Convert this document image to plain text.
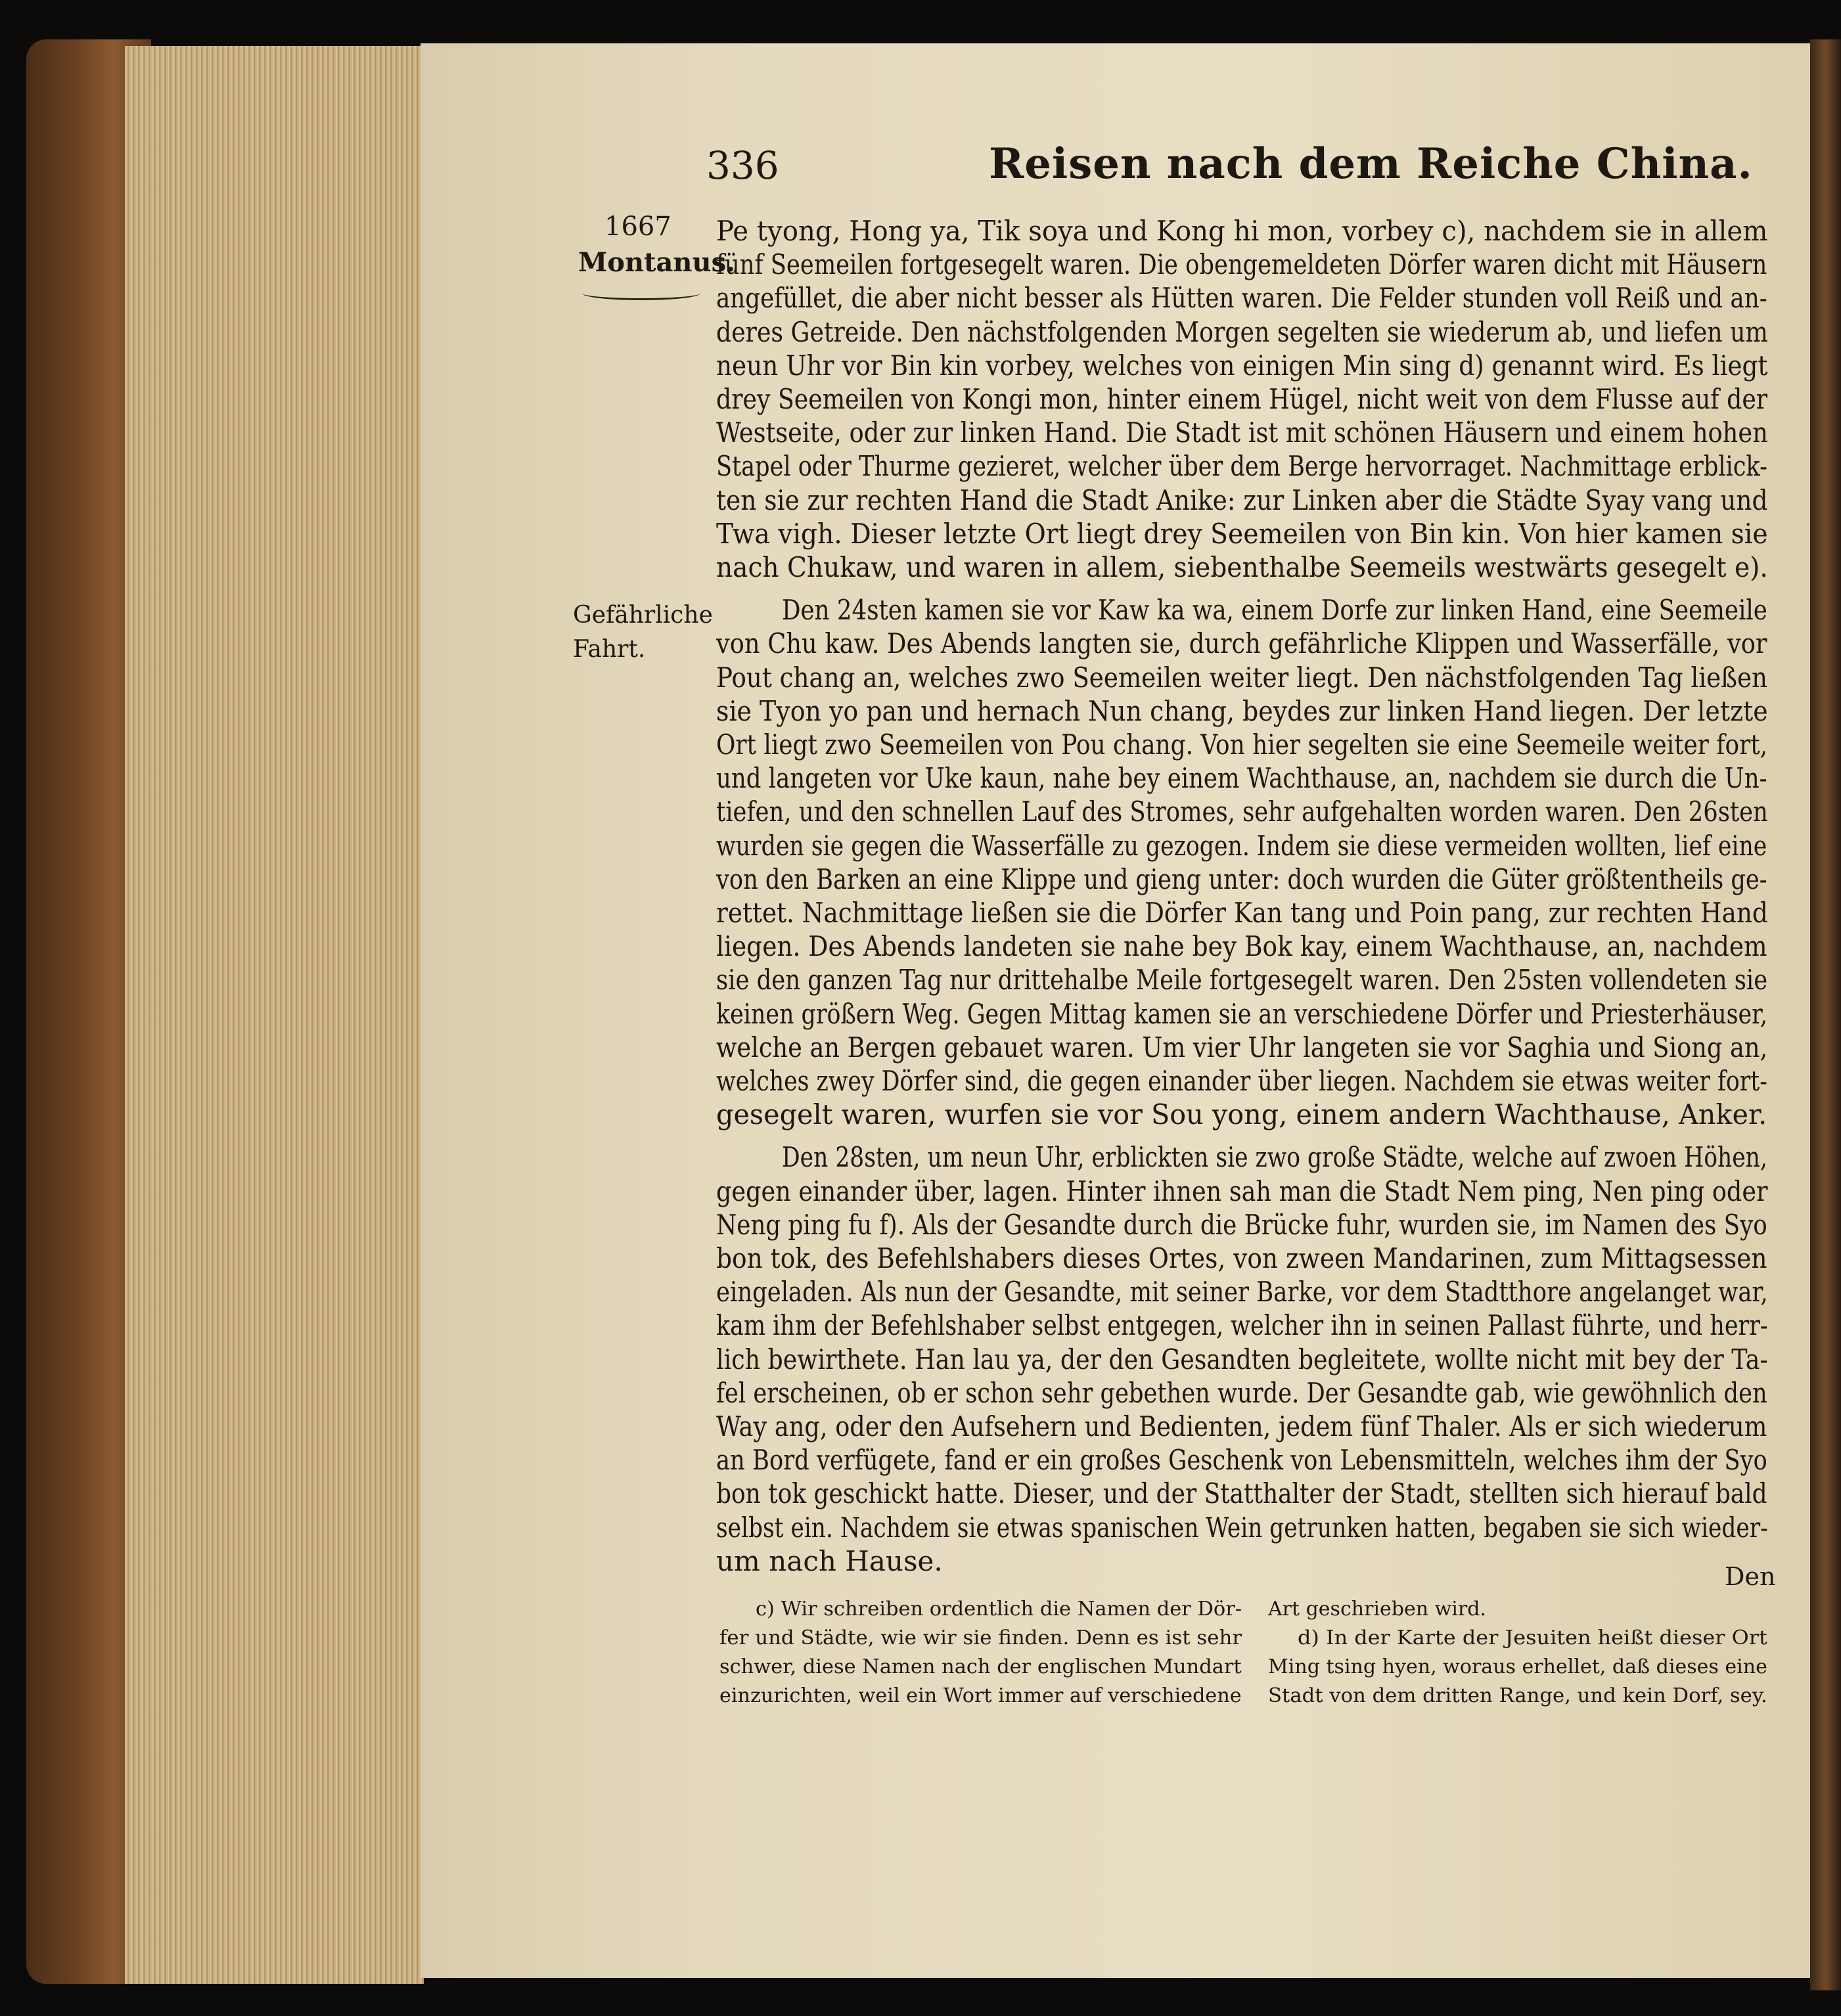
336	Reisen nach dem Reiche China.

1667

Montanus.

Gefährliche

Fahrt.

Pe tyong, Hong ya, Tik soya und Kong hi mon, vorbey c), nachdem sie in allem

fünf Seemeilen fortgesegelt waren. Die obengemeldeten Dörfer waren dicht mit Häusern

angefüllet, die aber nicht besser als Hütten waren. Die Felder stunden voll Reiß und an-

deres Getreide. Den nächstfolgenden Morgen segelten sie wiederum ab, und liefen um

neun Uhr vor Bin kin vorbey, welches von einigen Min sing d) genannt wird. Es liegt

drey Seemeilen von Kongi mon, hinter einem Hügel, nicht weit von dem Flusse auf der

Westseite, oder zur linken Hand. Die Stadt ist mit schönen Häusern und einem hohen

Stapel oder Thurme gezieret, welcher über dem Berge hervorraget. Nachmittage erblick-

ten sie zur rechten Hand die Stadt Anike: zur Linken aber die Städte Syay vang und

Twa vigh. Dieser letzte Ort liegt drey Seemeilen von Bin kin. Von hier kamen sie

nach Chukaw, und waren in allem, siebenthalbe Seemeils westwärts gesegelt e).

Den 24sten kamen sie vor Kaw ka wa, einem Dorfe zur linken Hand, eine Seemeile

von Chu kaw. Des Abends langten sie, durch gefährliche Klippen und Wasserfälle, vor

Pout chang an, welches zwo Seemeilen weiter liegt. Den nächstfolgenden Tag ließen

sie Tyon yo pan und hernach Nun chang, beydes zur linken Hand liegen. Der letzte

Ort liegt zwo Seemeilen von Pou chang. Von hier segelten sie eine Seemeile weiter fort,

und langeten vor Uke kaun, nahe bey einem Wachthause, an, nachdem sie durch die Un-

tiefen, und den schnellen Lauf des Stromes, sehr aufgehalten worden waren. Den 26sten

wurden sie gegen die Wasserfälle zu gezogen. Indem sie diese vermeiden wollten, lief eine

von den Barken an eine Klippe und gieng unter: doch wurden die Güter größtentheils ge-

rettet. Nachmittage ließen sie die Dörfer Kan tang und Poin pang, zur rechten Hand

liegen. Des Abends landeten sie nahe bey Bok kay, einem Wachthause, an, nachdem

sie den ganzen Tag nur drittehalbe Meile fortgesegelt waren. Den 25sten vollendeten sie

keinen größern Weg. Gegen Mittag kamen sie an verschiedene Dörfer und Priesterhäuser,

welche an Bergen gebauet waren. Um vier Uhr langeten sie vor Saghia und Siong an,

welches zwey Dörfer sind, die gegen einander über liegen. Nachdem sie etwas weiter fort-

gesegelt waren, wurfen sie vor Sou yong, einem andern Wachthause, Anker.

Den 28sten, um neun Uhr, erblickten sie zwo große Städte, welche auf zwoen Höhen,

gegen einander über, lagen. Hinter ihnen sah man die Stadt Nem ping, Nen ping oder

Neng ping fu f). Als der Gesandte durch die Brücke fuhr, wurden sie, im Namen des Syo

bon tok, des Befehlshabers dieses Ortes, von zween Mandarinen, zum Mittagsessen

eingeladen. Als nun der Gesandte, mit seiner Barke, vor dem Stadtthore angelanget war,

kam ihm der Befehlshaber selbst entgegen, welcher ihn in seinen Pallast führte, und herr-

lich bewirthete. Han lau ya, der den Gesandten begleitete, wollte nicht mit bey der Ta-

fel erscheinen, ob er schon sehr gebethen wurde. Der Gesandte gab, wie gewöhnlich den

Way ang, oder den Aufsehern und Bedienten, jedem fünf Thaler. Als er sich wiederum

an Bord verfügete, fand er ein großes Geschenk von Lebensmitteln, welches ihm der Syo

bon tok geschickt hatte. Dieser, und der Statthalter der Stadt, stellten sich hierauf bald

selbst ein. Nachdem sie etwas spanischen Wein getrunken hatten, begaben sie sich wieder-

um nach Hause.	Den

c) Wir schreiben ordentlich die Namen der Dör-

fer und Städte, wie wir sie finden. Denn es ist sehr

schwer, diese Namen nach der englischen Mundart

einzurichten, weil ein Wort immer auf verschiedene

Art geschrieben wird.

d) In der Karte der Jesuiten heißt dieser Ort

Ming tsing hyen, woraus erhellet, daß dieses eine

Stadt von dem dritten Range, und kein Dorf, sey.
